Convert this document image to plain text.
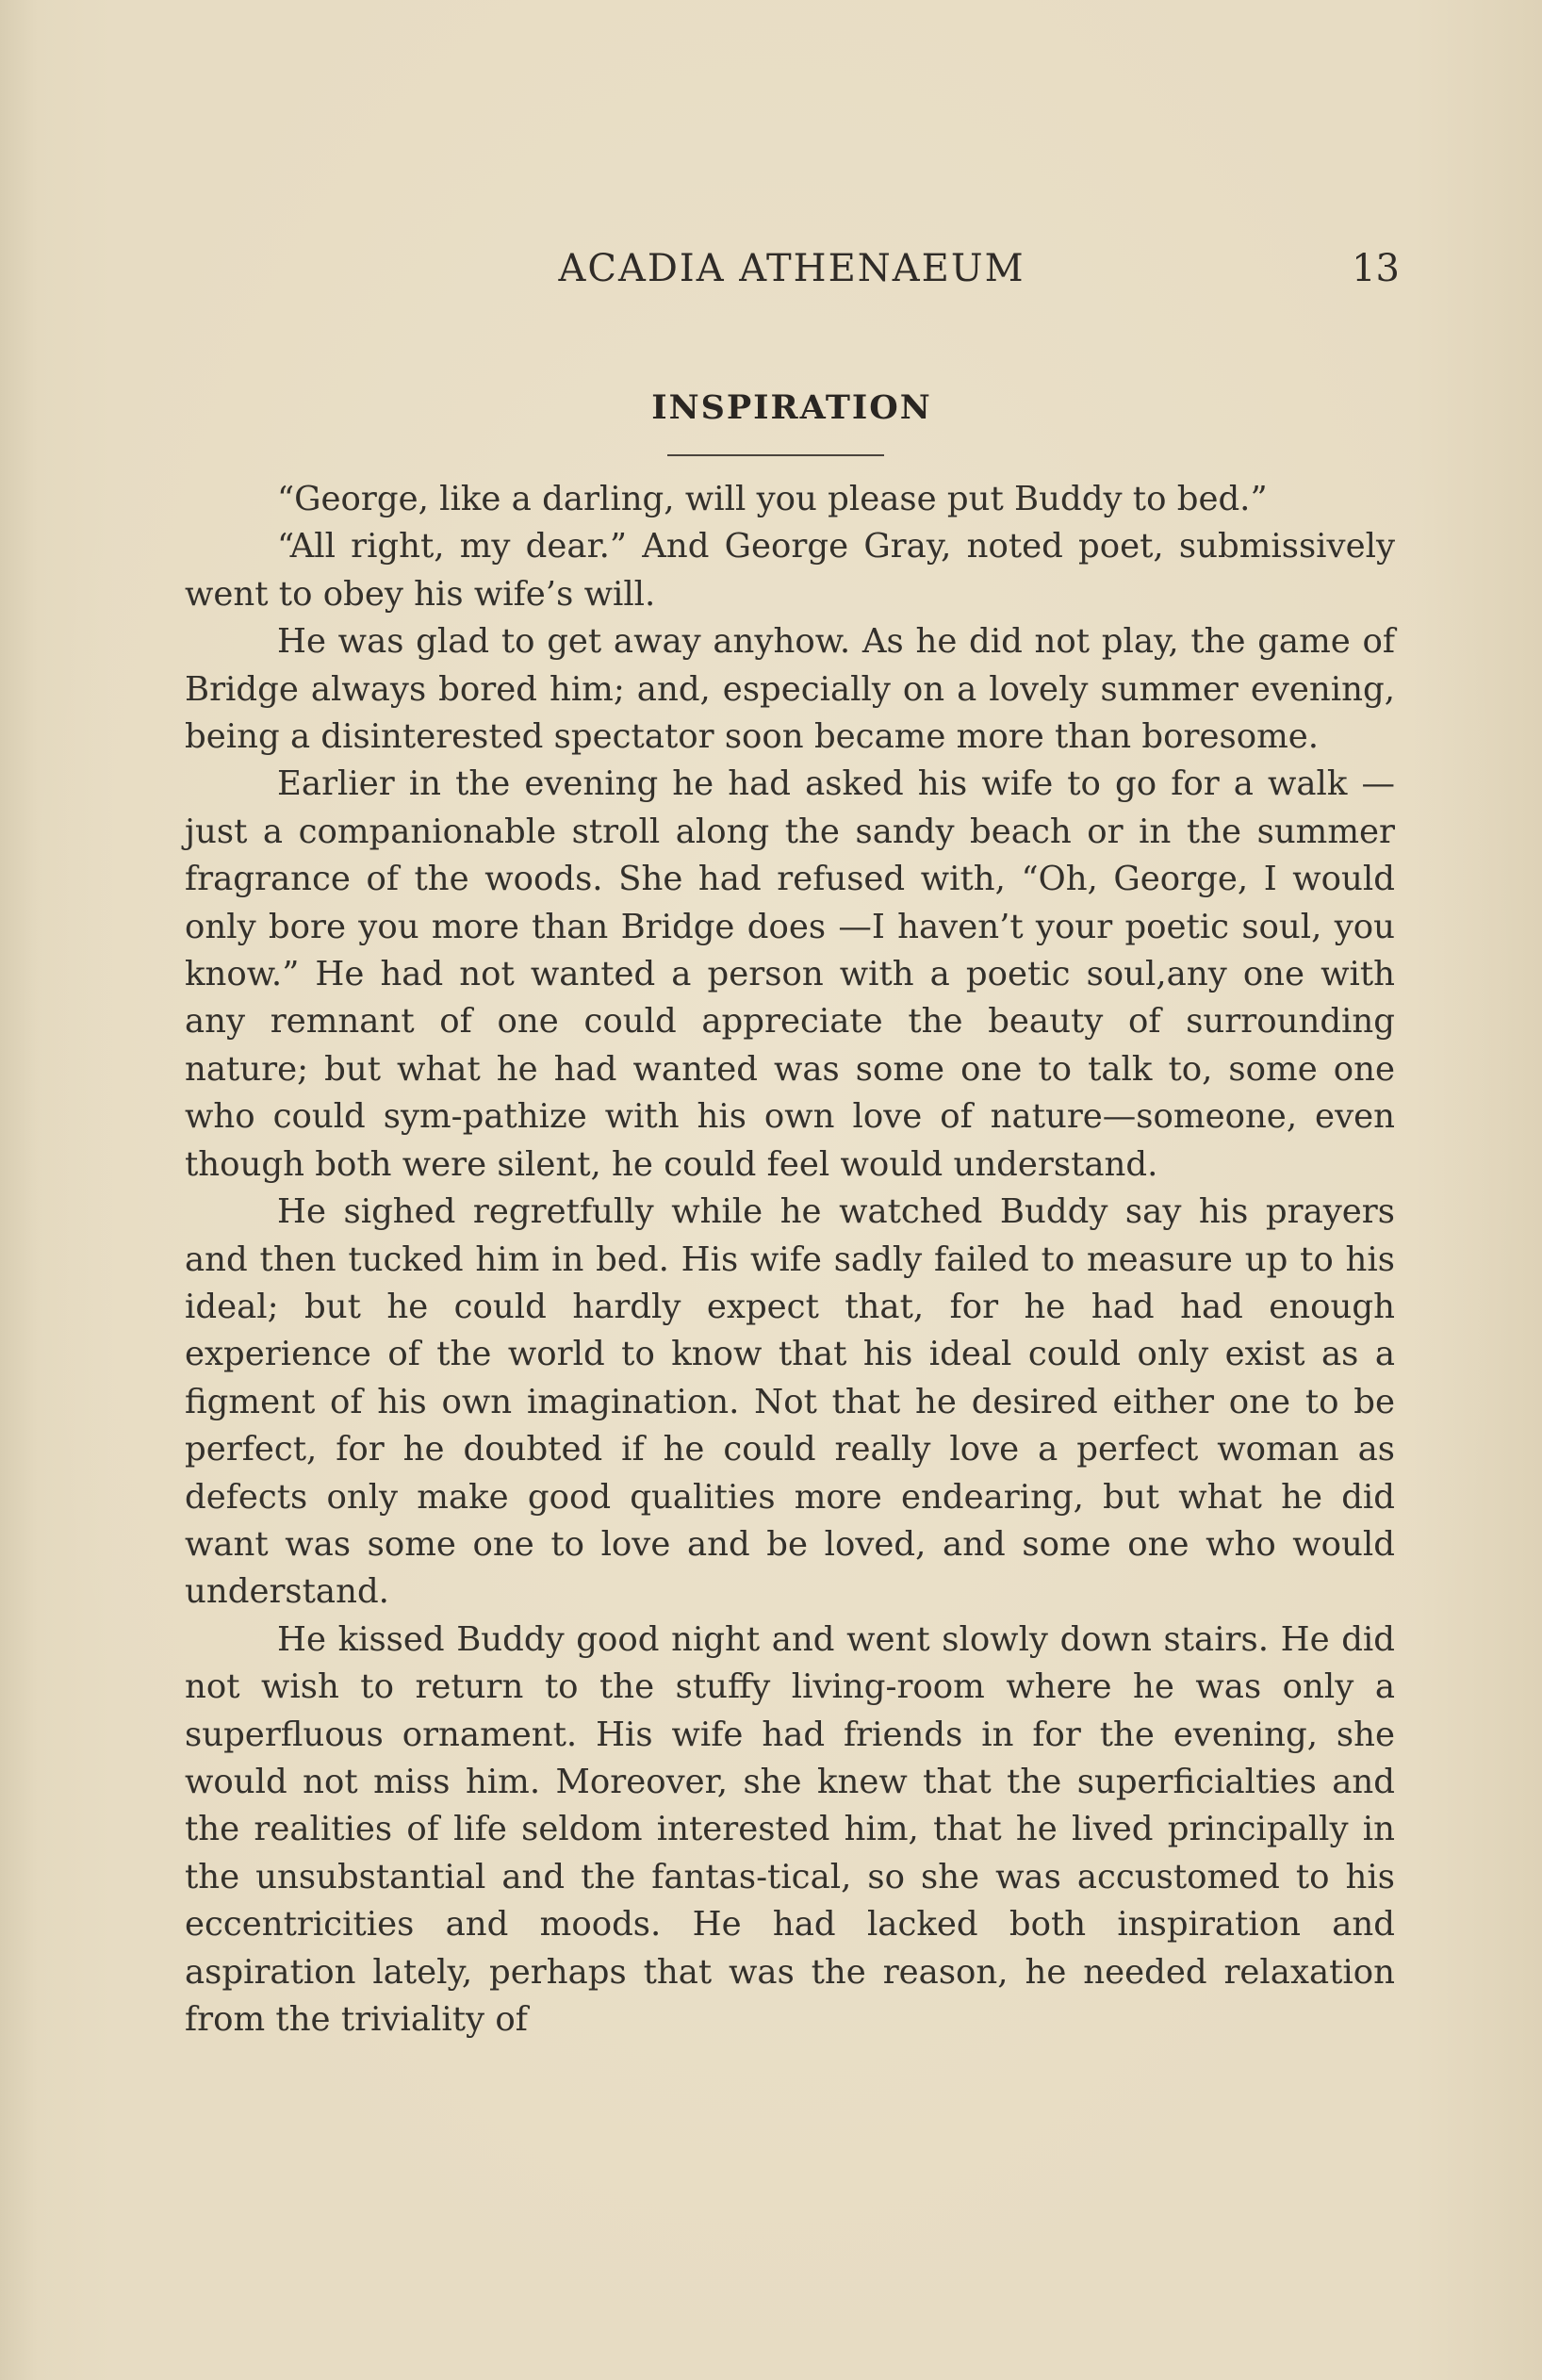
ACADIA ATHENAEUM	13
INSPIRATION

“George, like a darling, will you please put Buddy to bed.”

“All right, my dear.” And George Gray, noted poet, submissively went to obey his wife’s will.

He was glad to get away anyhow. As he did not play, the game of Bridge always bored him; and, especially on a lovely summer evening, being a disinterested spectator soon became more than boresome.

Earlier in the evening he had asked his wife to go for a walk —just a companionable stroll along the sandy beach or in the summer fragrance of the woods. She had refused with, “Oh, George, I would only bore you more than Bridge does —I haven’t your poetic soul, you know.” He had not wanted a person with a poetic soul,any one with any remnant of one could appreciate the beauty of surrounding nature; but what he had wanted was some one to talk to, some one who could sym-pathize with his own love of nature—someone, even though both were silent, he could feel would understand.

He sighed regretfully while he watched Buddy say his prayers and then tucked him in bed. His wife sadly failed to measure up to his ideal; but he could hardly expect that, for he had had enough experience of the world to know that his ideal could only exist as a figment of his own imagination. Not that he desired either one to be perfect, for he doubted if he could really love a perfect woman as defects only make good qualities more endearing, but what he did want was some one to love and be loved, and some one who would understand.

He kissed Buddy good night and went slowly down stairs. He did not wish to return to the stuffy living-room where he was only a superfluous ornament. His wife had friends in for the evening, she would not miss him. Moreover, she knew that the superficialties and the realities of life seldom interested him, that he lived principally in the unsubstantial and the fantas-tical, so she was accustomed to his eccentricities and moods. He had lacked both inspiration and aspiration lately, perhaps that was the reason, he needed relaxation from the triviality of
